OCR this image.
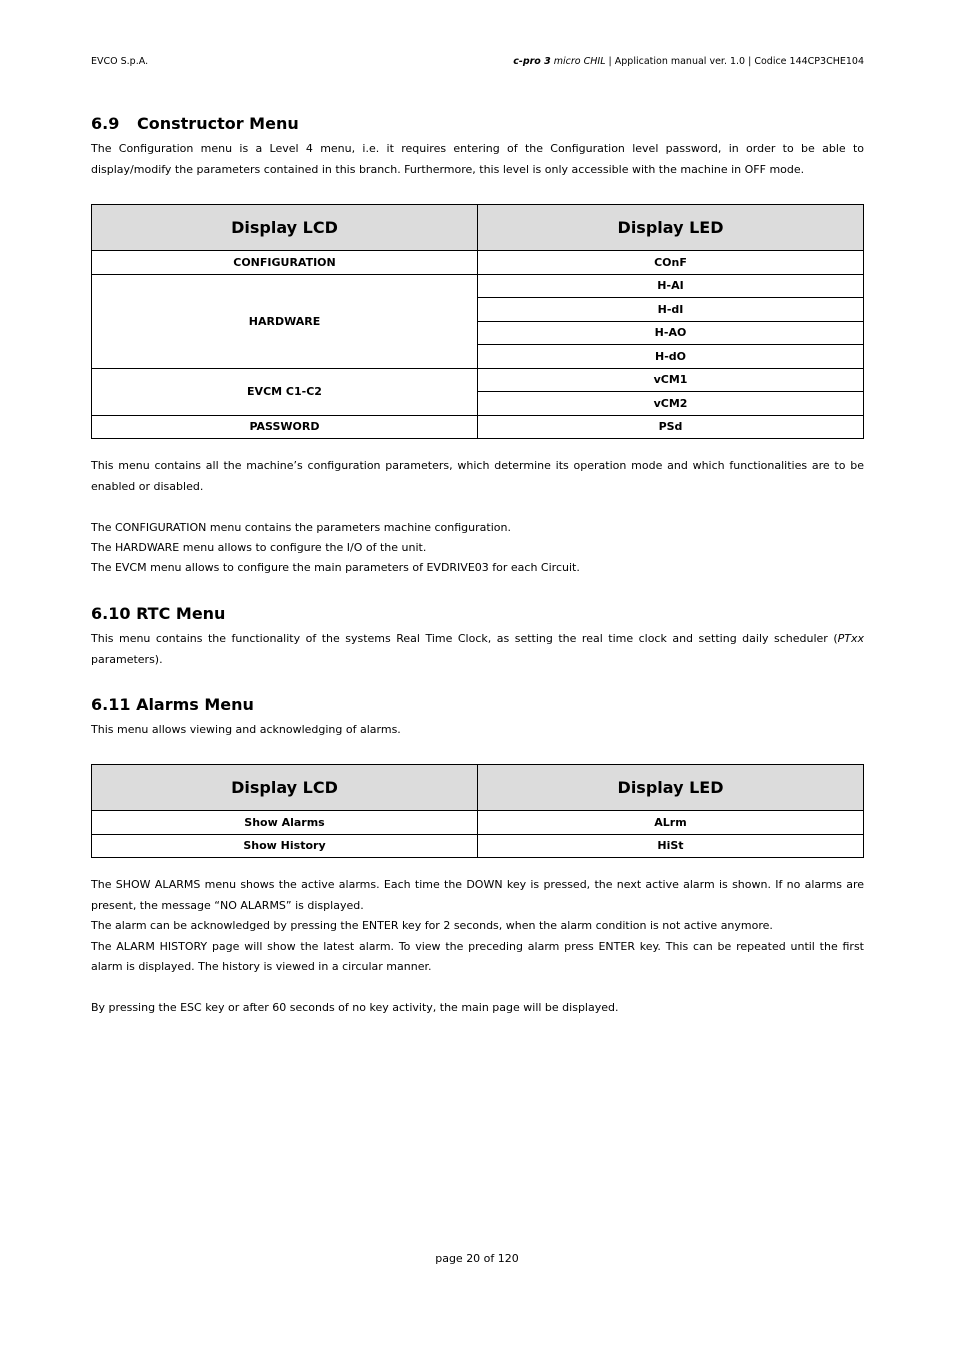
EVCO S.p.A.	c-pro 3 micro CHIL | Application manual ver. 1.0 | Codice 144CP3CHE104
6.9 Constructor Menu

The Configuration menu is a Level 4 menu, i.e. it requires entering of the Configuration level password, in order to be able to display/modify the parameters contained in this branch. Furthermore, this level is only accessible with the machine in OFF mode.

Display LCD	Display LED
CONFIGURATION	COnF
HARDWARE	H-AI
	H-dI
	H-AO
	H-dO
EVCM C1-C2	vCM1
	vCM2
PASSWORD	PSd

This menu contains all the machine’s configuration parameters, which determine its operation mode and which functionalities are to be enabled or disabled.

The CONFIGURATION menu contains the parameters machine configuration.

The HARDWARE menu allows to configure the I/O of the unit.

The EVCM menu allows to configure the main parameters of EVDRIVE03 for each Circuit.

6.10 RTC Menu

This menu contains the functionality of the systems Real Time Clock, as setting the real time clock and setting daily scheduler (PTxx parameters).

6.11 Alarms Menu

This menu allows viewing and acknowledging of alarms.

Display LCD	Display LED
Show Alarms	ALrm
Show History	HiSt

The SHOW ALARMS menu shows the active alarms. Each time the DOWN key is pressed, the next active alarm is shown. If no alarms are present, the message “NO ALARMS” is displayed.

The alarm can be acknowledged by pressing the ENTER key for 2 seconds, when the alarm condition is not active anymore.

The ALARM HISTORY page will show the latest alarm. To view the preceding alarm press ENTER key. This can be repeated until the first alarm is displayed. The history is viewed in a circular manner.

By pressing the ESC key or after 60 seconds of no key activity, the main page will be displayed.

page 20 of 120
